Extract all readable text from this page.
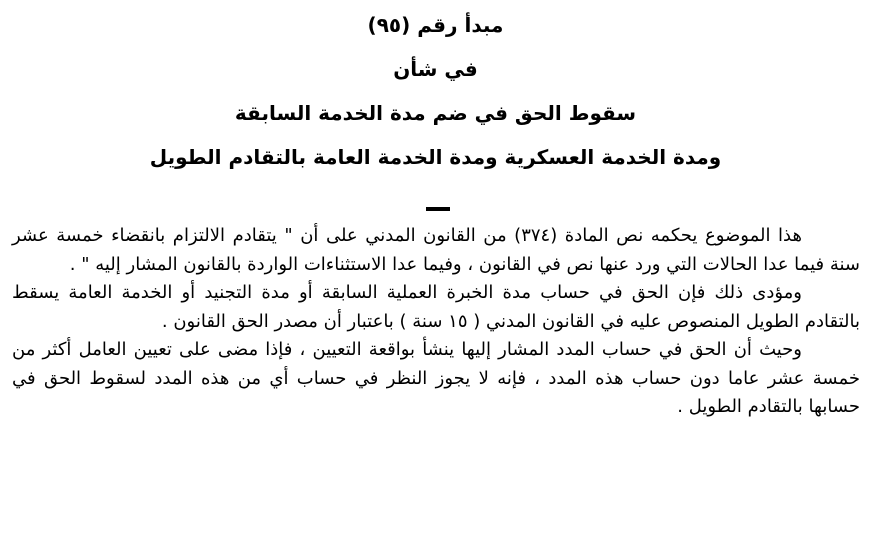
مبدأ رقم (٩٥)
في شأن
سقوط الحق في ضم مدة الخدمة السابقة
ومدة الخدمة العسكرية ومدة الخدمة العامة بالتقادم الطويل

هذا الموضوع يحكمه نص المادة (٣٧٤) من القانون المدني على أن " يتقادم الالتزام بانقضاء خمسة عشر سنة فيما عدا الحالات التي ورد عنها نص في القانون ، وفيما عدا الاستثناءات الواردة بالقانون المشار إليه " .

ومؤدى ذلك فإن الحق في حساب مدة الخبرة العملية السابقة أو مدة التجنيد أو الخدمة العامة يسقط بالتقادم الطويل المنصوص عليه في القانون المدني ( ١٥ سنة ) باعتبار أن مصدر الحق القانون .

وحيث أن الحق في حساب المدد المشار إليها ينشأ بواقعة التعيين ، فإذا مضى على تعيين العامل أكثر من خمسة عشر عاما دون حساب هذه المدد ، فإنه لا يجوز النظر في حساب أي من هذه المدد لسقوط الحق في حسابها بالتقادم الطويل .
